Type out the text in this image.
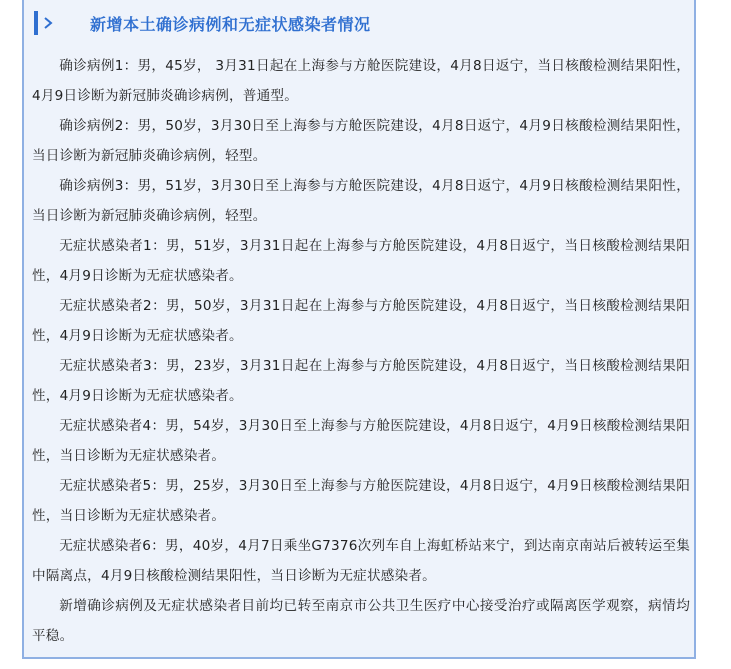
新增本土确诊病例和无症状感染者情况

确诊病例1：男，45岁， 3月31日起在上海参与方舱医院建设，4月8日返宁，当日核酸检测结果阳性，4月9日诊断为新冠肺炎确诊病例，普通型。

确诊病例2：男，50岁，3月30日至上海参与方舱医院建设，4月8日返宁，4月9日核酸检测结果阳性，当日诊断为新冠肺炎确诊病例，轻型。

确诊病例3：男，51岁，3月30日至上海参与方舱医院建设，4月8日返宁，4月9日核酸检测结果阳性，当日诊断为新冠肺炎确诊病例，轻型。

无症状感染者1：男，51岁，3月31日起在上海参与方舱医院建设，4月8日返宁，当日核酸检测结果阳性，4月9日诊断为无症状感染者。

无症状感染者2：男，50岁，3月31日起在上海参与方舱医院建设，4月8日返宁，当日核酸检测结果阳性，4月9日诊断为无症状感染者。

无症状感染者3：男，23岁，3月31日起在上海参与方舱医院建设，4月8日返宁，当日核酸检测结果阳性，4月9日诊断为无症状感染者。

无症状感染者4：男，54岁，3月30日至上海参与方舱医院建设，4月8日返宁，4月9日核酸检测结果阳性，当日诊断为无症状感染者。

无症状感染者5：男，25岁，3月30日至上海参与方舱医院建设，4月8日返宁，4月9日核酸检测结果阳性，当日诊断为无症状感染者。

无症状感染者6：男，40岁，4月7日乘坐G7376次列车自上海虹桥站来宁，到达南京南站后被转运至集中隔离点，4月9日核酸检测结果阳性，当日诊断为无症状感染者。

新增确诊病例及无症状感染者目前均已转至南京市公共卫生医疗中心接受治疗或隔离医学观察，病情均平稳。
